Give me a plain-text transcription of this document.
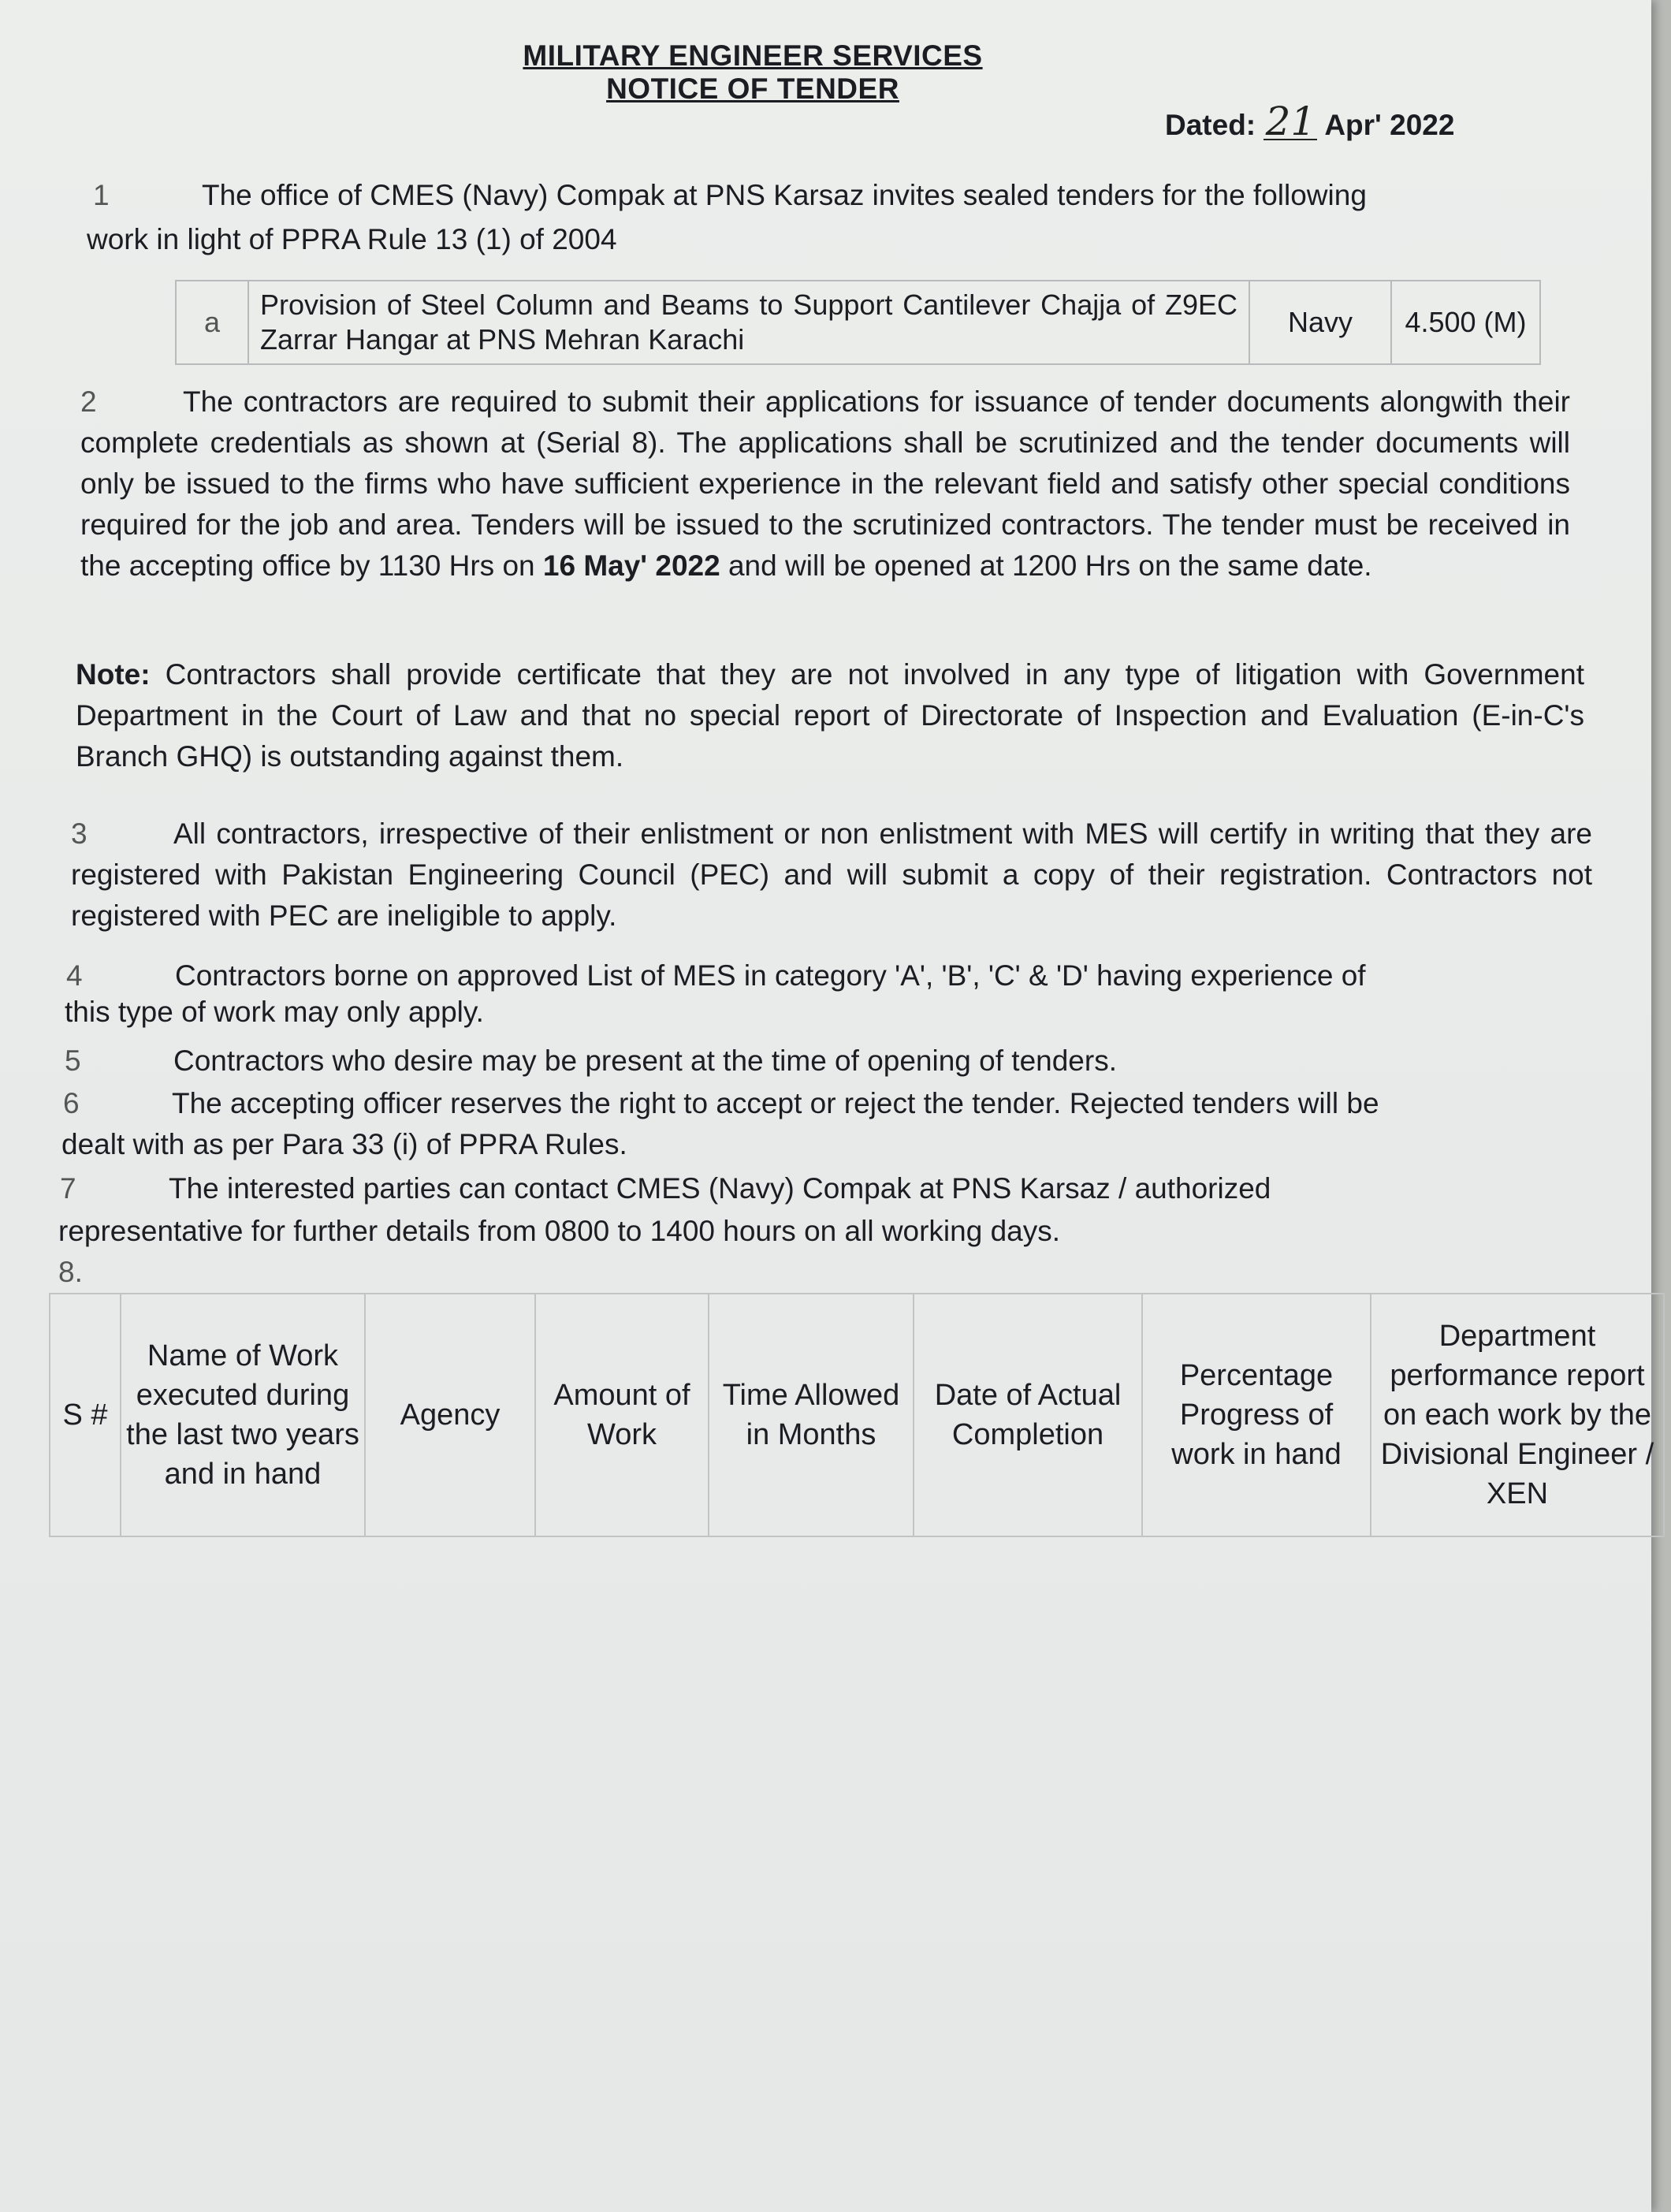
MILITARY ENGINEER SERVICES
NOTICE OF TENDER
Dated: 21 Apr' 2022
1	The office of CMES (Navy) Compak at PNS Karsaz invites sealed tenders for the following
work in light of PPRA Rule 13 (1) of 2004
a	Provision of Steel Column and Beams to Support Cantilever Chajja of Z9EC Zarrar Hangar at PNS Mehran Karachi	Navy	4.500 (M)
2	The contractors are required to submit their applications for issuance of tender documents alongwith their complete credentials as shown at (Serial 8). The applications shall be scrutinized and the tender documents will only be issued to the firms who have sufficient experience in the relevant field and satisfy other special conditions required for the job and area. Tenders will be issued to the scrutinized contractors. The tender must be received in the accepting office by 1130 Hrs on 16 May' 2022 and will be opened at 1200 Hrs on the same date.
Note: Contractors shall provide certificate that they are not involved in any type of litigation with Government Department in the Court of Law and that no special report of Directorate of Inspection and Evaluation (E-in-C's Branch GHQ) is outstanding against them.
3	All contractors, irrespective of their enlistment or non enlistment with MES will certify in writing that they are registered with Pakistan Engineering Council (PEC) and will submit a copy of their registration. Contractors not registered with PEC are ineligible to apply.
4	Contractors borne on approved List of MES in category 'A', 'B', 'C' & 'D' having experience of
this type of work may only apply.
5	Contractors who desire may be present at the time of opening of tenders.
6	The accepting officer reserves the right to accept or reject the tender. Rejected tenders will be
dealt with as per Para 33 (i) of PPRA Rules.
7	The interested parties can contact CMES (Navy) Compak at PNS Karsaz / authorized
representative for further details from 0800 to 1400 hours on all working days.
8.
S #	Name of Work executed during the last two years and in hand	Agency	Amount of Work	Time Allowed in Months	Date of Actual Completion	Percentage Progress of work in hand	Department performance report on each work by the Divisional Engineer / XEN
